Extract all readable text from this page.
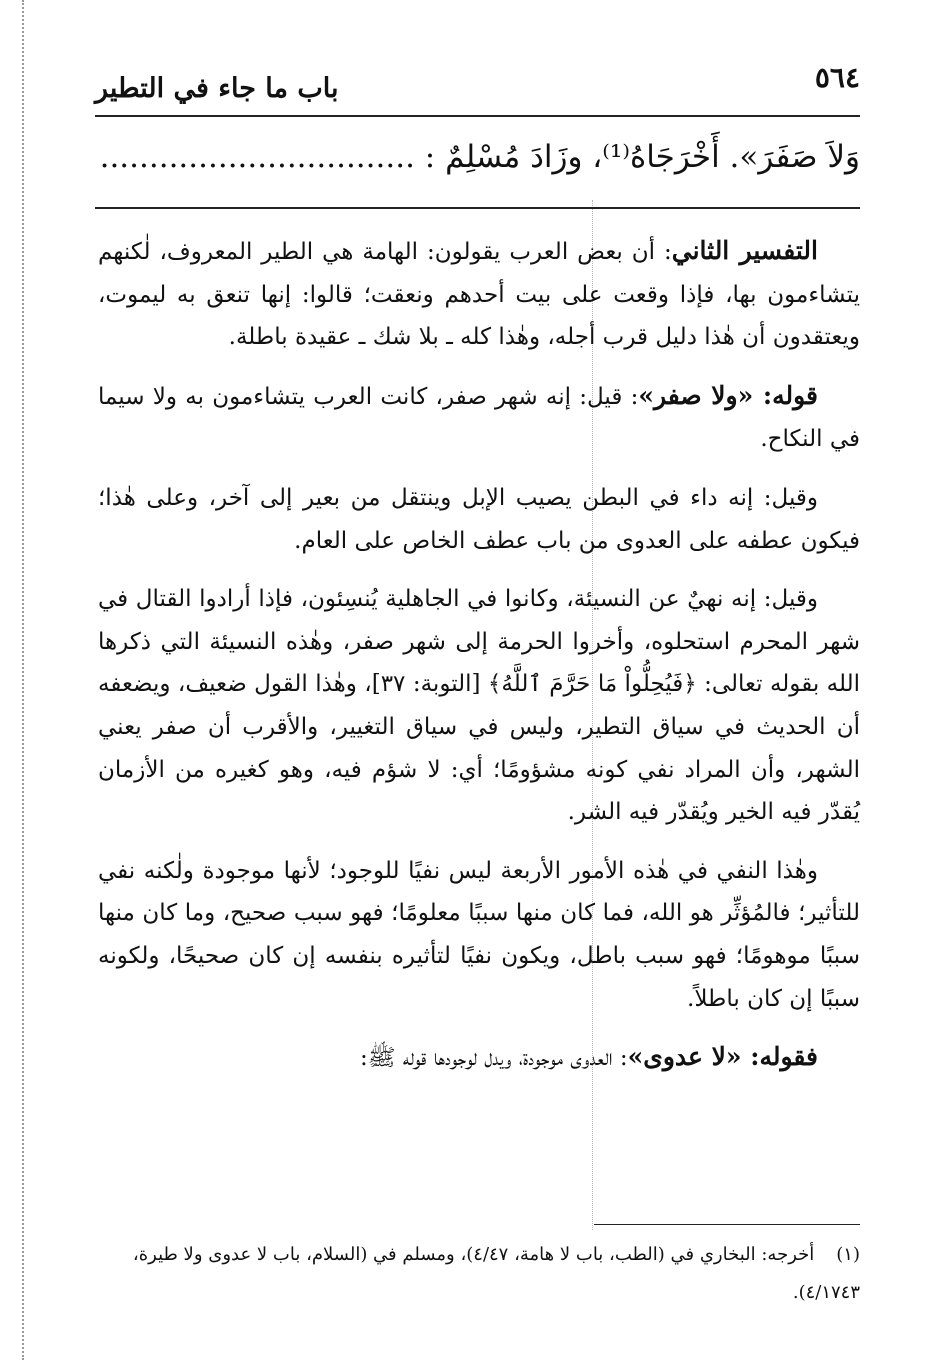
٥٦٤
باب ما جاء في التطير
وَلاَ صَفَرَ». أَخْرَجَاهُ⁽¹⁾، وزَادَ مُسْلِمٌ : ................................

التفسير الثاني: أن بعض العرب يقولون: الهامة هي الطير المعروف، لٰكنهم يتشاءمون بها، فإذا وقعت على بيت أحدهم ونعقت؛ قالوا: إنها تنعق به ليموت، ويعتقدون أن هٰذا دليل قرب أجله، وهٰذا كله ـ بلا شك ـ عقيدة باطلة.

قوله: «ولا صفر»: قيل: إنه شهر صفر، كانت العرب يتشاءمون به ولا سيما في النكاح.

وقيل: إنه داء في البطن يصيب الإبل وينتقل من بعير إلى آخر، وعلى هٰذا؛ فيكون عطفه على العدوى من باب عطف الخاص على العام.

وقيل: إنه نهيٌ عن النسيئة، وكانوا في الجاهلية يُنسِئون، فإذا أرادوا القتال في شهر المحرم استحلوه، وأخروا الحرمة إلى شهر صفر، وهٰذه النسيئة التي ذكرها الله بقوله تعالى: ﴿فَيُحِلُّواْ مَا حَرَّمَ ٱللَّهُ﴾ [التوبة: ٣٧]، وهٰذا القول ضعيف، ويضعفه أن الحديث في سياق التطير، وليس في سياق التغيير، والأقرب أن صفر يعني الشهر، وأن المراد نفي كونه مشؤومًا؛ أي: لا شؤم فيه، وهو كغيره من الأزمان يُقدّر فيه الخير ويُقدّر فيه الشر.

وهٰذا النفي في هٰذه الأمور الأربعة ليس نفيًا للوجود؛ لأنها موجودة ولٰكنه نفي للتأثير؛ فالمُؤثِّر هو الله، فما كان منها سببًا معلومًا؛ فهو سبب صحيح، وما كان منها سببًا موهومًا؛ فهو سبب باطل، ويكون نفيًا لتأثيره بنفسه إن كان صحيحًا، ولكونه سببًا إن كان باطلاً.

فقوله: «لا عدوى»: العدوى موجودة، ويدل لوجودها قوله ﷺ:

(١)أخرجه: البخاري في (الطب، باب لا هامة، ٤/٤٧)، ومسلم في (السلام، باب لا عدوى ولا طيرة، ٤/١٧٤٣).
